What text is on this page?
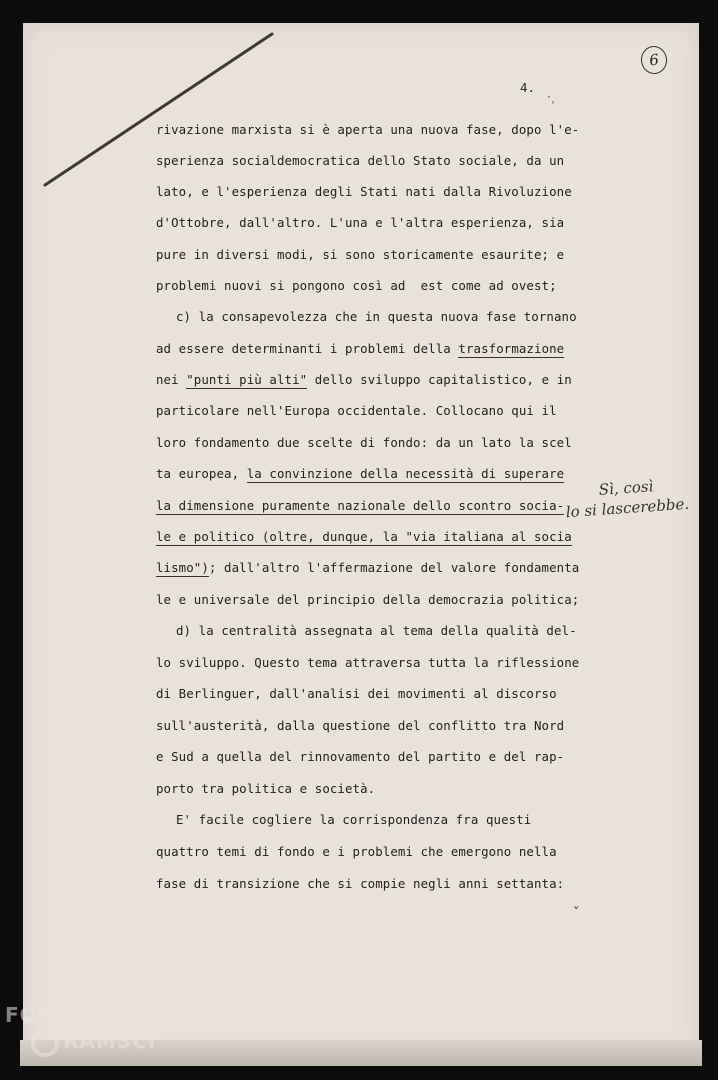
4.
6
·
'
ˇ
rivazione marxista si è aperta una nuova fase, dopo l'e-
sperienza socialdemocratica dello Stato sociale, da un
lato, e l'esperienza degli Stati nati dalla Rivoluzione
d'Ottobre, dall'altro. L'una e l'altra esperienza, sia
pure in diversi modi, si sono storicamente esaurite; e
problemi nuovi si pongono così ad  est come ad ovest;
c) la consapevolezza che in questa nuova fase tornano
ad essere determinanti i problemi della trasformazione
nei "punti più alti" dello sviluppo capitalistico, e in
particolare nell'Europa occidentale. Collocano qui il
loro fondamento due scelte di fondo: da un lato la scel
ta europea, la convinzione della necessità di superare
la dimensione puramente nazionale dello scontro socia-
le e politico (oltre, dunque, la "via italiana al socia
lismo"); dall'altro l'affermazione del valore fondamenta
le e universale del principio della democrazia politica;
d) la centralità assegnata al tema della qualità del-
lo sviluppo. Questo tema attraversa tutta la riflessione
di Berlinguer, dall'analisi dei movimenti al discorso
sull'austerità, dalla questione del conflitto tra Nord
e Sud a quella del rinnovamento del partito e del rap-
porto tra politica e società.
E' facile cogliere la corrispondenza fra questi
quattro temi di fondo e i problemi che emergono nella
fase di transizione che si compie negli anni settanta:
Sì, così
lo si lascerebbe.
FONDAZIONE
RAMSCI
